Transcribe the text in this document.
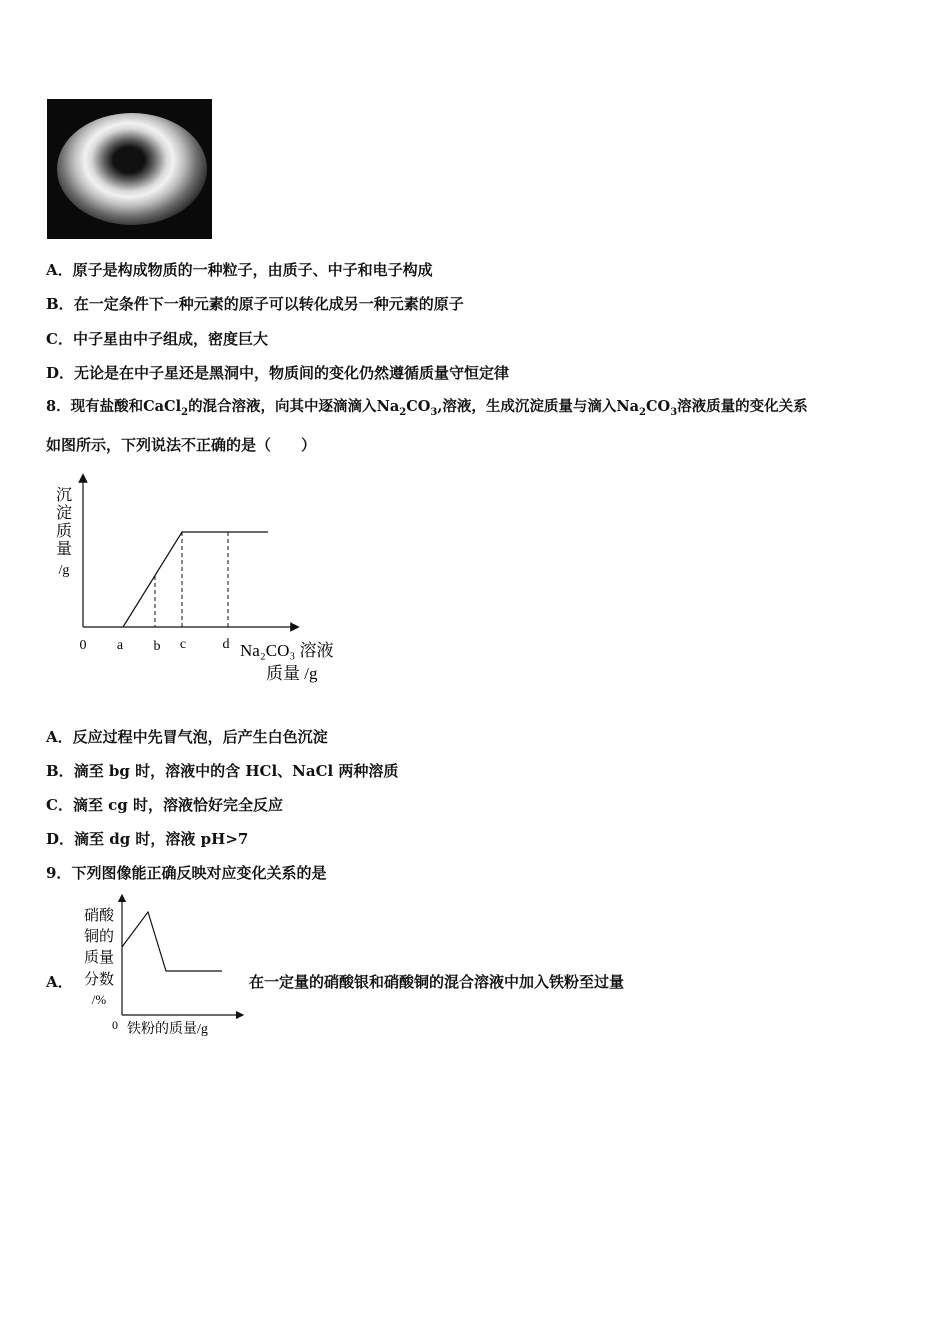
A．原子是构成物质的一种粒子，由质子、中子和电子构成
B．在一定条件下一种元素的原子可以转化成另一种元素的原子
C．中子星由中子组成，密度巨大
D．无论是在中子星还是黑洞中，物质间的变化仍然遵循质量守恒定律
8．现有盐酸和CaCl$_2$的混合溶液，向其中逐滴滴入$Na_2CO_3$,溶液，生成沉淀质量与滴入$Na_2CO_3$溶液质量的变化关系
如图所示，下列说法不正确的是（　　）
沉
淀
质
量
/g
0 a b c	d Na₂CO₃ 溶液
质量 /g
A．反应过程中先冒气泡，后产生白色沉淀
B．滴至 bg 时，溶液中的含 HCl、NaCl 两种溶质
C．滴至 cg 时，溶液恰好完全反应
D．滴至 dg 时，溶液 pH>7
9．下列图像能正确反映对应变化关系的是
A．
硝酸
铜的
质量
分数
/%
0 铁粉的质量/g
在一定量的硝酸银和硝酸铜的混合溶液中加入铁粉至过量
